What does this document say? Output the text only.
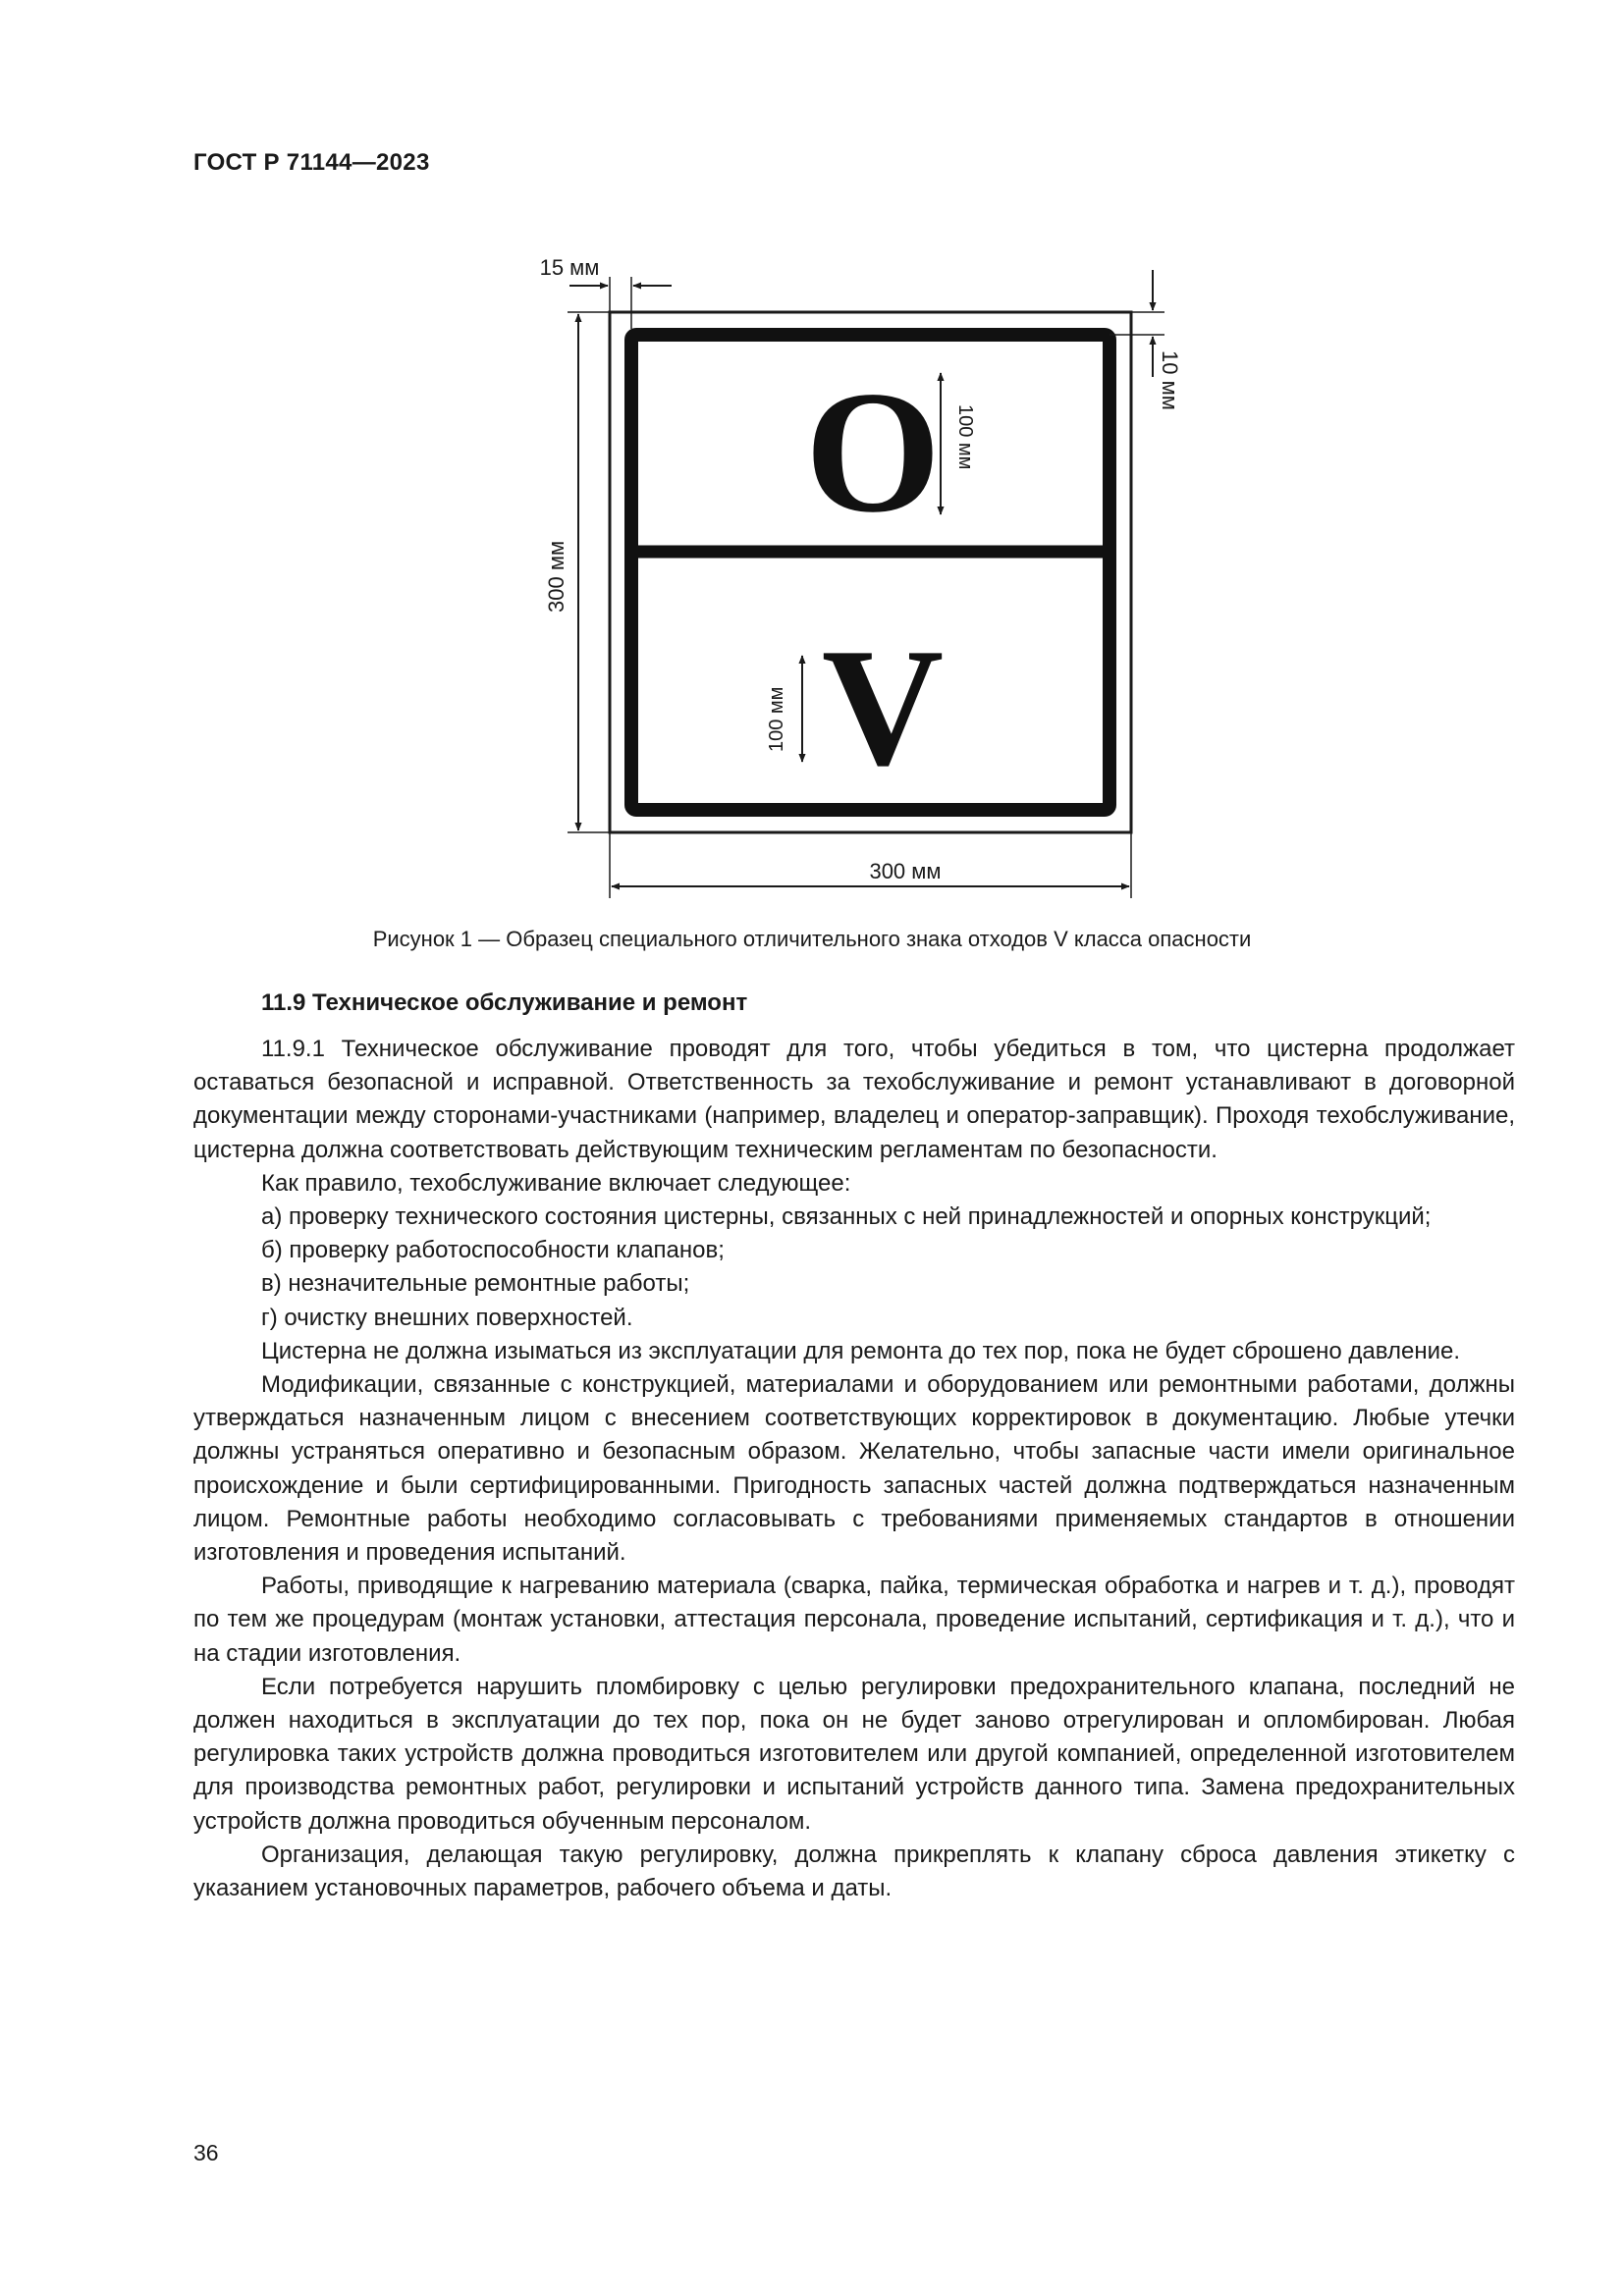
ГОСТ Р 71144—2023
O
V
100 мм
100 мм
300 мм
300 мм
15 мм
10 мм
Рисунок 1 — Образец специального отличительного знака отходов V класса опасности
11.9 Техническое обслуживание и ремонт

11.9.1 Техническое обслуживание проводят для того, чтобы убедиться в том, что цистерна продолжает оставаться безопасной и исправной. Ответственность за техобслуживание и ремонт устанавливают в договорной документации между сторонами-участниками (например, владелец и оператор-заправщик). Проходя техобслуживание, цистерна должна соответствовать действующим техническим регламентам по безопасности.

Как правило, техобслуживание включает следующее:

а) проверку технического состояния цистерны, связанных с ней принадлежностей и опорных конструкций;

б) проверку работоспособности клапанов;

в) незначительные ремонтные работы;

г) очистку внешних поверхностей.

Цистерна не должна изыматься из эксплуатации для ремонта до тех пор, пока не будет сброшено давление.

Модификации, связанные с конструкцией, материалами и оборудованием или ремонтными работами, должны утверждаться назначенным лицом с внесением соответствующих корректировок в документацию. Любые утечки должны устраняться оперативно и безопасным образом. Желательно, чтобы запасные части имели оригинальное происхождение и были сертифицированными. Пригодность запасных частей должна подтверждаться назначенным лицом. Ремонтные работы необходимо согласовывать с требованиями применяемых стандартов в отношении изготовления и проведения испытаний.

Работы, приводящие к нагреванию материала (сварка, пайка, термическая обработка и нагрев и т. д.), проводят по тем же процедурам (монтаж установки, аттестация персонала, проведение испытаний, сертификация и т. д.), что и на стадии изготовления.

Если потребуется нарушить пломбировку с целью регулировки предохранительного клапана, последний не должен находиться в эксплуатации до тех пор, пока он не будет заново отрегулирован и опломбирован. Любая регулировка таких устройств должна проводиться изготовителем или другой компанией, определенной изготовителем для производства ремонтных работ, регулировки и испытаний устройств данного типа. Замена предохранительных устройств должна проводиться обученным персоналом.

Организация, делающая такую регулировку, должна прикреплять к клапану сброса давления этикетку с указанием установочных параметров, рабочего объема и даты.

36
